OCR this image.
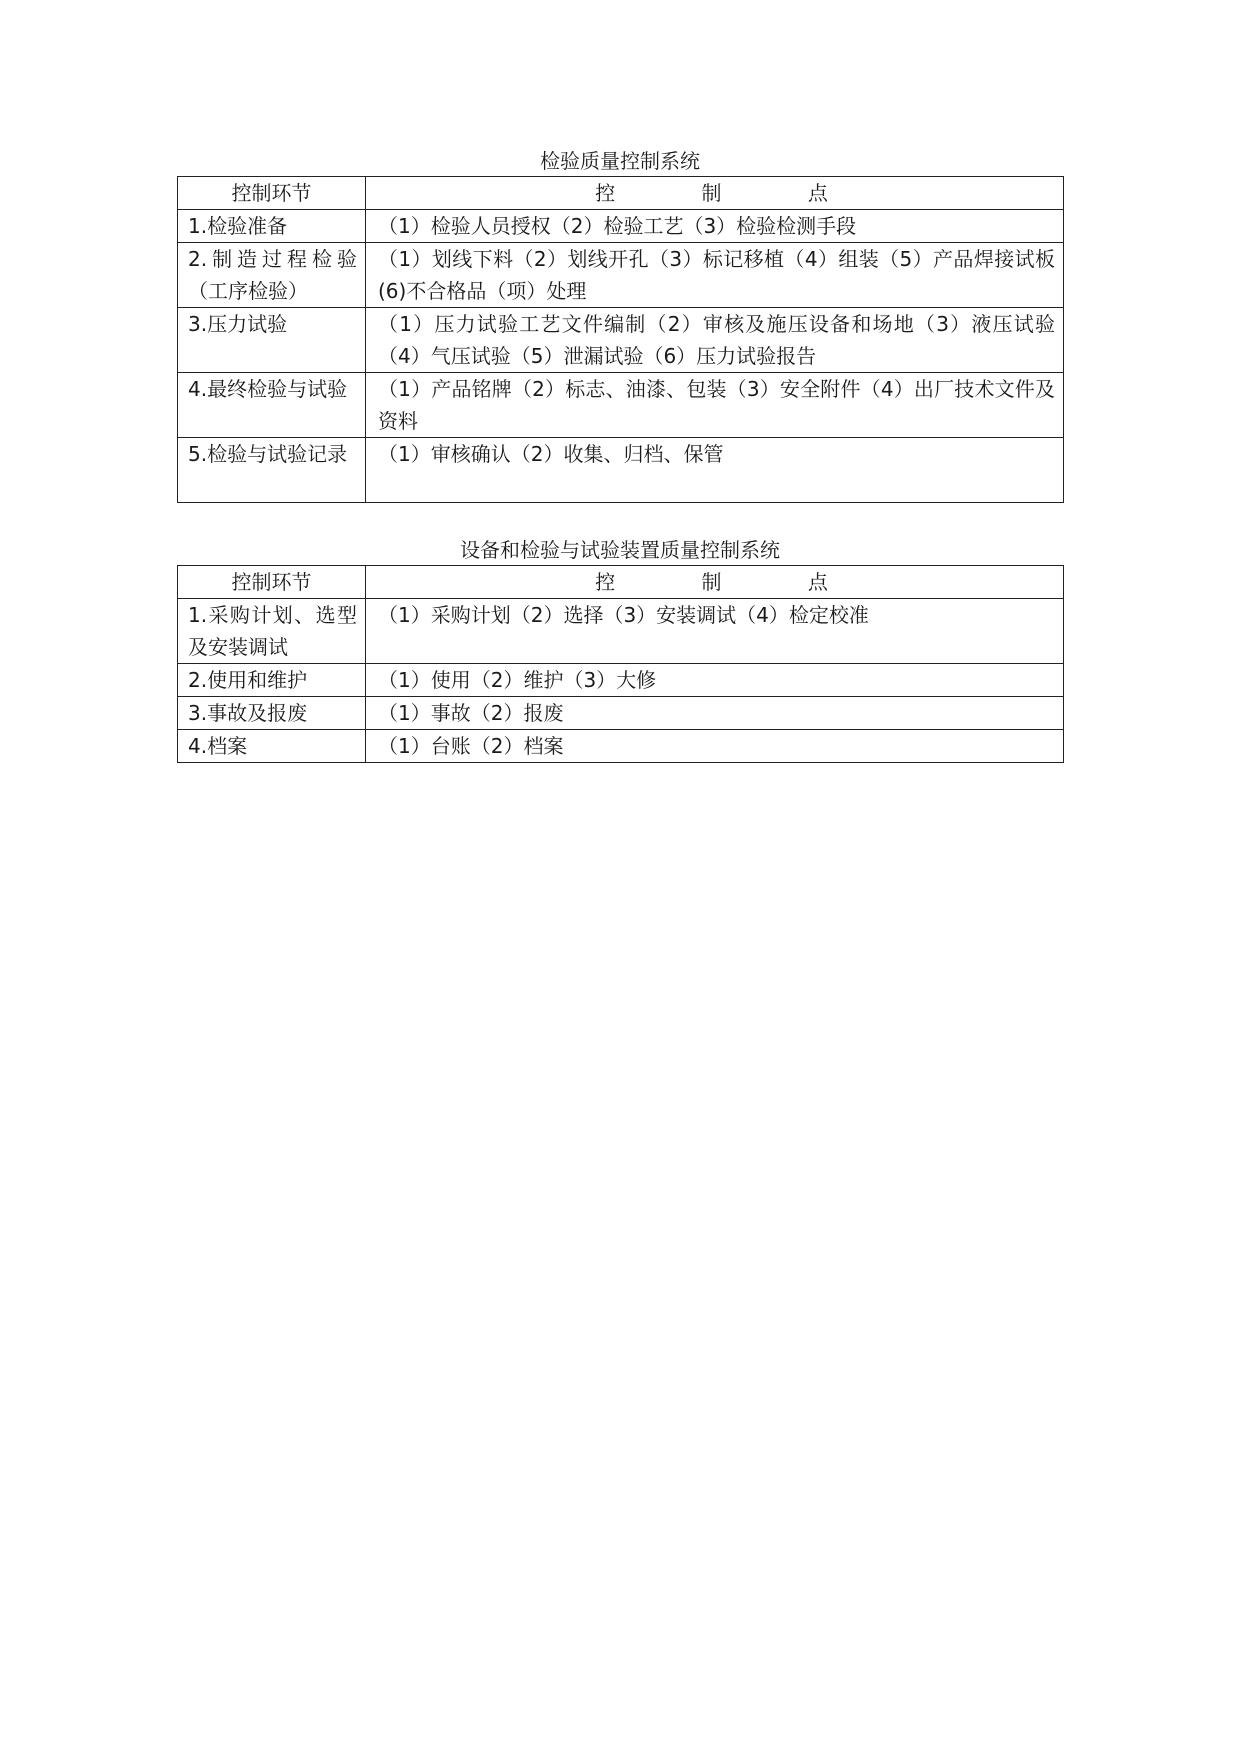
检验质量控制系统
控制环节	控 制 点
1.检验准备	（1）检验人员授权（2）检验工艺（3）检验检测手段
2.制造过程检验（工序检验）	（1）划线下料（2）划线开孔（3）标记移植（4）组装（5）产品焊接试板(6)不合格品（项）处理
3.压力试验	（1）压力试验工艺文件编制（2）审核及施压设备和场地（3）液压试验（4）气压试验（5）泄漏试验（6）压力试验报告
4.最终检验与试验	（1）产品铭牌（2）标志、油漆、包装（3）安全附件（4）出厂技术文件及资料
5.检验与试验记录	（1）审核确认（2）收集、归档、保管
设备和检验与试验装置质量控制系统
控制环节	控 制 点
1.采购计划、选型及安装调试	（1）采购计划（2）选择（3）安装调试（4）检定校准
2.使用和维护	（1）使用（2）维护（3）大修
3.事故及报废	（1）事故（2）报废
4.档案	（1）台账（2）档案
